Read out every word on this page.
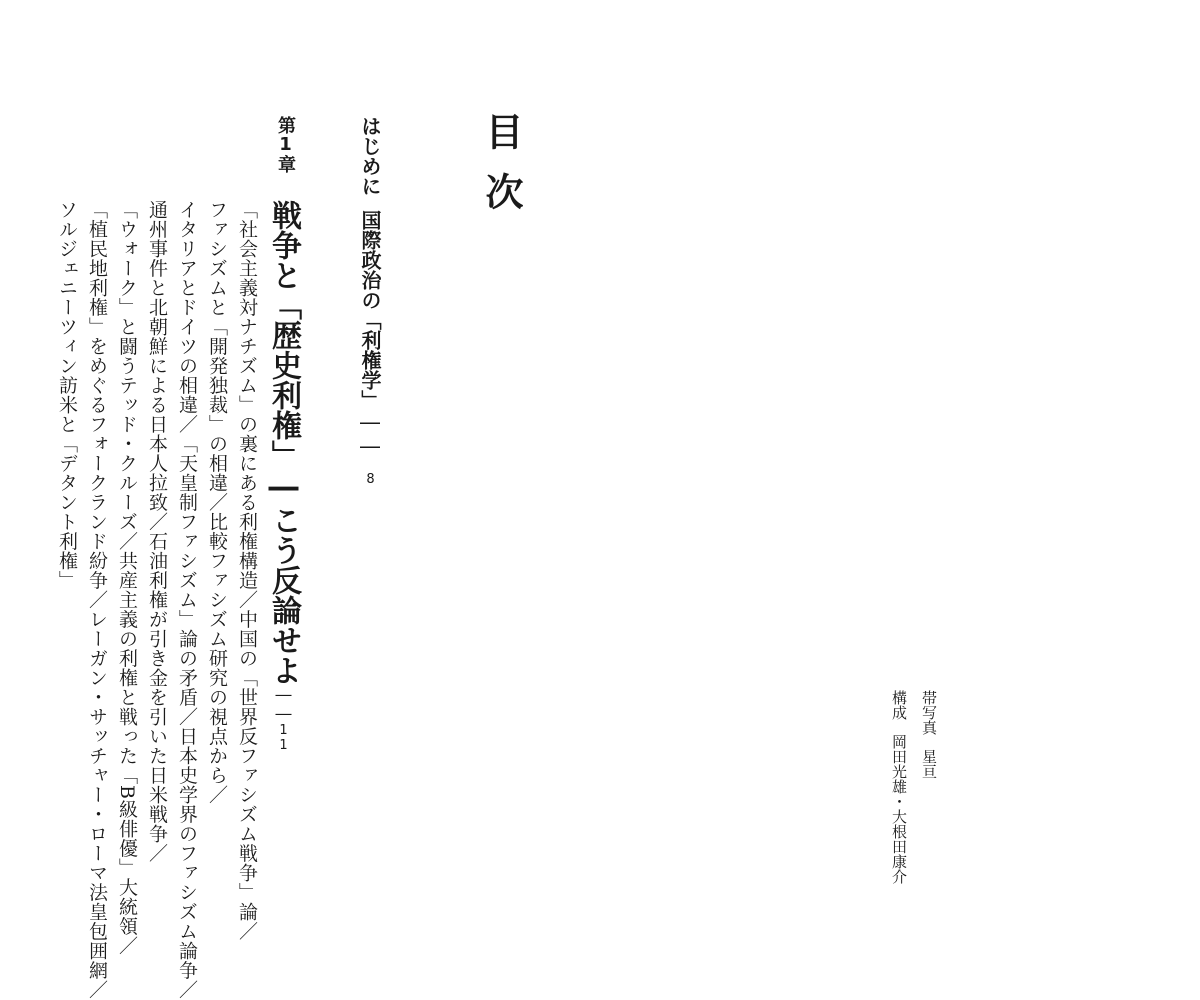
目次
はじめに国際政治の「利権学」――8
第1章
戦争と「歴史利権」―こう反論せよ――11
「社会主義対ナチズム」の裏にある利権構造／中国の「世界反ファシズム戦争」論／
ファシズムと「開発独裁」の相違／比較ファシズム研究の視点から／
イタリアとドイツの相違／「天皇制ファシズム」論の矛盾／日本史学界のファシズム論争／
通州事件と北朝鮮による日本人拉致／石油利権が引き金を引いた日米戦争／
「ウォーク」と闘うテッド・クルーズ／共産主義の利権と戦った「B級俳優」大統領／
「植民地利権」をめぐるフォークランド紛争／レーガン・サッチャー・ローマ法皇包囲網／
ソルジェニーツィン訪米と「デタント利権」
帯写真星亘
構成岡田光雄・大根田康介
